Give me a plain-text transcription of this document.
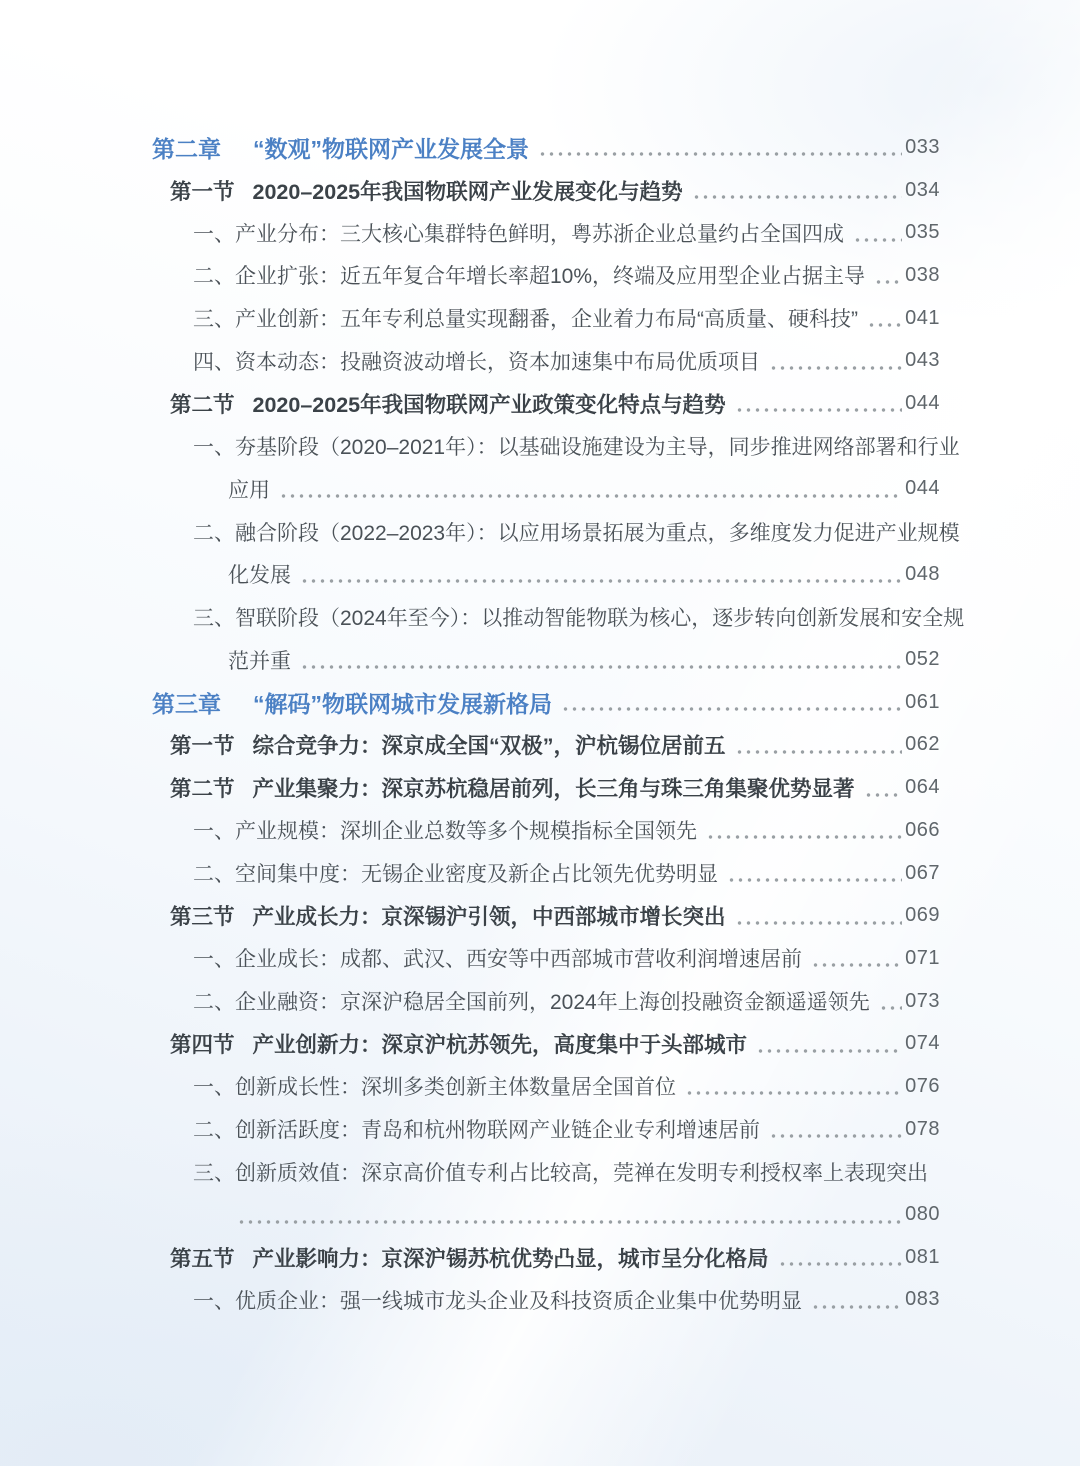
第二章 “数观”物联网产业发展全景	033
第一节 2020–2025年我国物联网产业发展变化与趋势	034
一、产业分布：三大核心集群特色鲜明，粤苏浙企业总量约占全国四成	035
二、企业扩张：近五年复合年增长率超10%，终端及应用型企业占据主导 038
三、产业创新：五年专利总量实现翻番，企业着力布局“高质量、硬科技” 041
四、资本动态：投融资波动增长，资本加速集中布局优质项目	043
第二节 2020–2025年我国物联网产业政策变化特点与趋势	044
一、夯基阶段（2020–2021年）：以基础设施建设为主导，同步推进网络部署和行业
应用	044
二、融合阶段（2022–2023年）：以应用场景拓展为重点，多维度发力促进产业规模
化发展	048
三、智联阶段（2024年至今）：以推动智能物联为核心，逐步转向创新发展和安全规
范并重	052
第三章 “解码”物联网城市发展新格局	061
第一节 综合竞争力：深京成全国“双极”，沪杭锡位居前五	062
第二节 产业集聚力：深京苏杭稳居前列，长三角与珠三角集聚优势显著	064
一、产业规模：深圳企业总数等多个规模指标全国领先	066
二、空间集中度：无锡企业密度及新企占比领先优势明显	067
第三节 产业成长力：京深锡沪引领，中西部城市增长突出	069
一、企业成长：成都、武汉、西安等中西部城市营收利润增速居前	071
二、企业融资：京深沪稳居全国前列，2024年上海创投融资金额遥遥领先 073
第四节 产业创新力：深京沪杭苏领先，高度集中于头部城市	074
一、创新成长性：深圳多类创新主体数量居全国首位	076
二、创新活跃度：青岛和杭州物联网产业链企业专利增速居前	078
三、创新质效值：深京高价值专利占比较高，莞禅在发明专利授权率上表现突出
080
第五节 产业影响力：京深沪锡苏杭优势凸显，城市呈分化格局	081
一、优质企业：强一线城市龙头企业及科技资质企业集中优势明显	083
